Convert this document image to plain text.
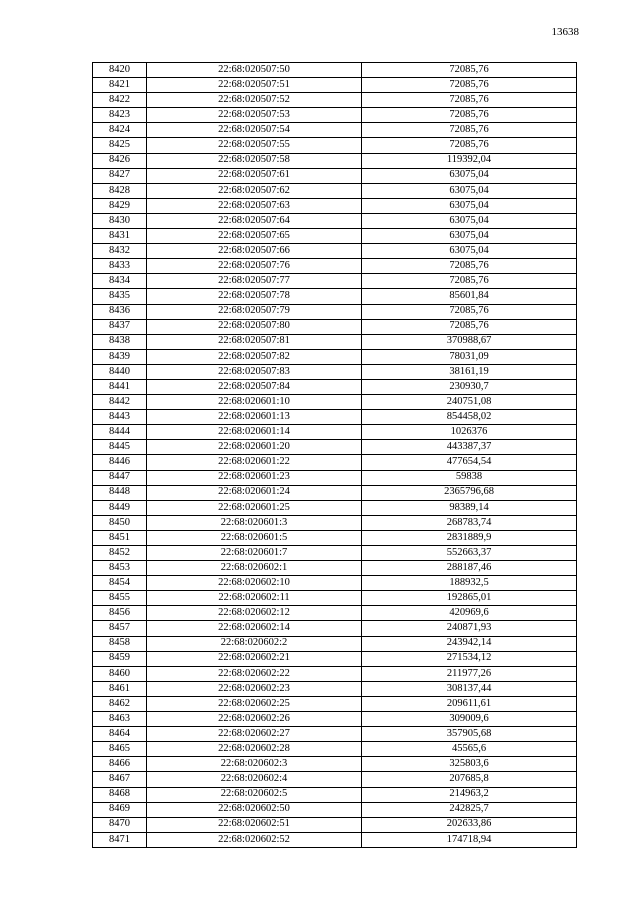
13638
8420	22:68:020507:50	72085,76
8421	22:68:020507:51	72085,76
8422	22:68:020507:52	72085,76
8423	22:68:020507:53	72085,76
8424	22:68:020507:54	72085,76
8425	22:68:020507:55	72085,76
8426	22:68:020507:58	119392,04
8427	22:68:020507:61	63075,04
8428	22:68:020507:62	63075,04
8429	22:68:020507:63	63075,04
8430	22:68:020507:64	63075,04
8431	22:68:020507:65	63075,04
8432	22:68:020507:66	63075,04
8433	22:68:020507:76	72085,76
8434	22:68:020507:77	72085,76
8435	22:68:020507:78	85601,84
8436	22:68:020507:79	72085,76
8437	22:68:020507:80	72085,76
8438	22:68:020507:81	370988,67
8439	22:68:020507:82	78031,09
8440	22:68:020507:83	38161,19
8441	22:68:020507:84	230930,7
8442	22:68:020601:10	240751,08
8443	22:68:020601:13	854458,02
8444	22:68:020601:14	1026376
8445	22:68:020601:20	443387,37
8446	22:68:020601:22	477654,54
8447	22:68:020601:23	59838
8448	22:68:020601:24	2365796,68
8449	22:68:020601:25	98389,14
8450	22:68:020601:3	268783,74
8451	22:68:020601:5	2831889,9
8452	22:68:020601:7	552663,37
8453	22:68:020602:1	288187,46
8454	22:68:020602:10	188932,5
8455	22:68:020602:11	192865,01
8456	22:68:020602:12	420969,6
8457	22:68:020602:14	240871,93
8458	22:68:020602:2	243942,14
8459	22:68:020602:21	271534,12
8460	22:68:020602:22	211977,26
8461	22:68:020602:23	308137,44
8462	22:68:020602:25	209611,61
8463	22:68:020602:26	309009,6
8464	22:68:020602:27	357905,68
8465	22:68:020602:28	45565,6
8466	22:68:020602:3	325803,6
8467	22:68:020602:4	207685,8
8468	22:68:020602:5	214963,2
8469	22:68:020602:50	242825,7
8470	22:68:020602:51	202633,86
8471	22:68:020602:52	174718,94
